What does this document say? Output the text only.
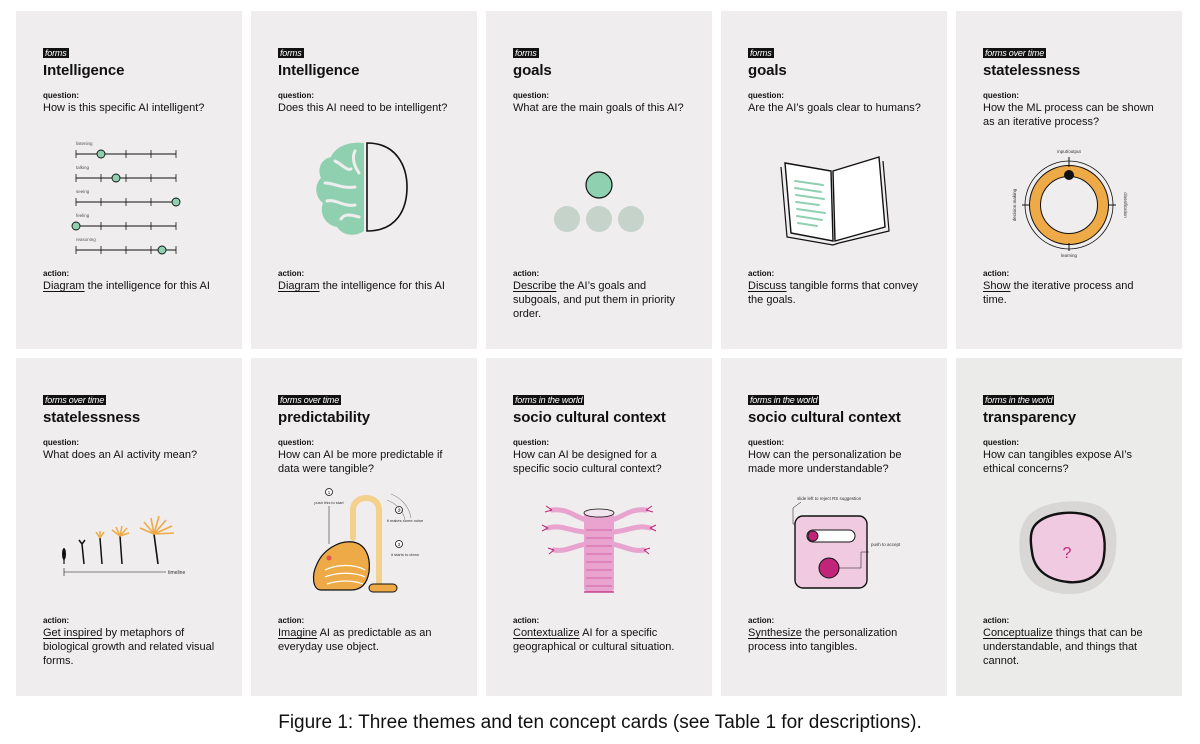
forms
Intelligence
question:
How is this specific AI intelligent?
listening
talking
seeing
feeling
reasoning
action:
Diagram the intelligence for this AI
forms
Intelligence
question:
Does this AI need to be intelligent?
action:
Diagram the intelligence for this AI
forms
goals
question:
What are the main goals of this AI?
action:
Describe the AI’s goals and subgoals, and put them in priority order.
forms
goals
question:
Are the AI’s goals clear to humans?
action:
Discuss tangible forms that convey the goals.
forms over time
statelessness
question:
How the ML process can be shown as an iterative process?
input/output
classification
learning
decision making
action:
Show the iterative process and time.
forms over time
statelessness
question:
What does an AI activity mean?
timeline
action:
Get inspired by metaphors of biological growth and related visual forms.
forms over time
predictability
question:
How can AI be more predictable if data were tangible?
1
push this to start
2
it makes some noise
3
it starts to clean
action:
Imagine AI as predictable as an everyday use object.
forms in the world
socio cultural context
question:
How can AI be designed for a specific socio cultural context?
action:
Contextualize AI for a specific geographical or cultural situation.
forms in the world
socio cultural context
question:
How can the personalization be made more understandable?
slide left to reject RS suggestion
push to accept
action:
Synthesize the personalization process into tangibles.
forms in the world
transparency
question:
How can tangibles expose AI’s ethical concerns?
?
action:
Conceptualize things that can be understandable, and things that cannot.
Figure 1: Three themes and ten concept cards (see Table 1 for descriptions).
